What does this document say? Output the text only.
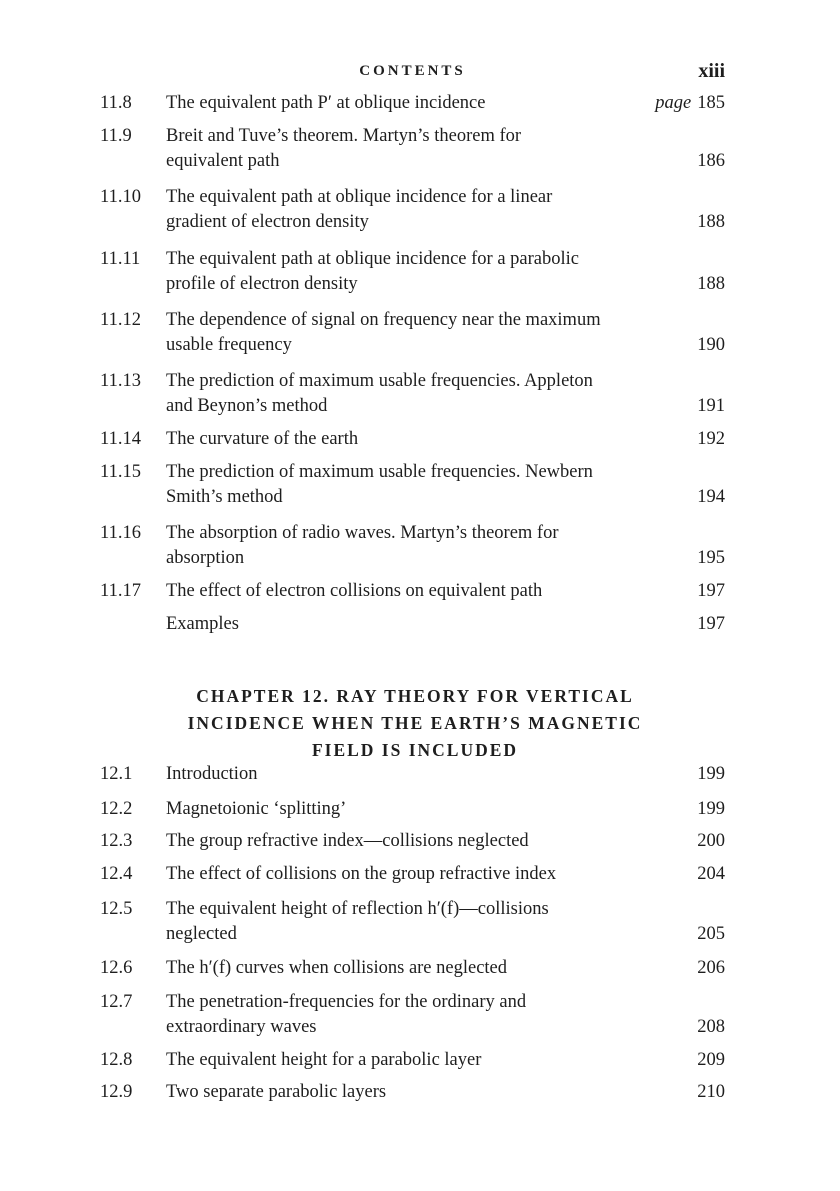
CONTENTS	xiii
11.8	The equivalent path P′ at oblique incidence	page 185
11.9	Breit and Tuve’s theorem. Martyn’s theorem for
equivalent path	186
11.10	The equivalent path at oblique incidence for a linear
gradient of electron density	188
11.11	The equivalent path at oblique incidence for a parabolic
profile of electron density	188
11.12	The dependence of signal on frequency near the maximum
usable frequency	190
11.13	The prediction of maximum usable frequencies. Appleton
and Beynon’s method	191
11.14	The curvature of the earth	192
11.15	The prediction of maximum usable frequencies. Newbern
Smith’s method	194
11.16	The absorption of radio waves. Martyn’s theorem for
absorption	195
11.17	The effect of electron collisions on equivalent path	197
Examples	197
CHAPTER 12. RAY THEORY FOR VERTICAL
INCIDENCE WHEN THE EARTH’S MAGNETIC
FIELD IS INCLUDED
12.1	Introduction	199
12.2	Magnetoionic ‘splitting’	199
12.3	The group refractive index—collisions neglected	200
12.4	The effect of collisions on the group refractive index	204
12.5	The equivalent height of reflection h′(f)—collisions
neglected	205
12.6	The h′(f) curves when collisions are neglected	206
12.7	The penetration-frequencies for the ordinary and
extraordinary waves	208
12.8	The equivalent height for a parabolic layer	209
12.9	Two separate parabolic layers	210
